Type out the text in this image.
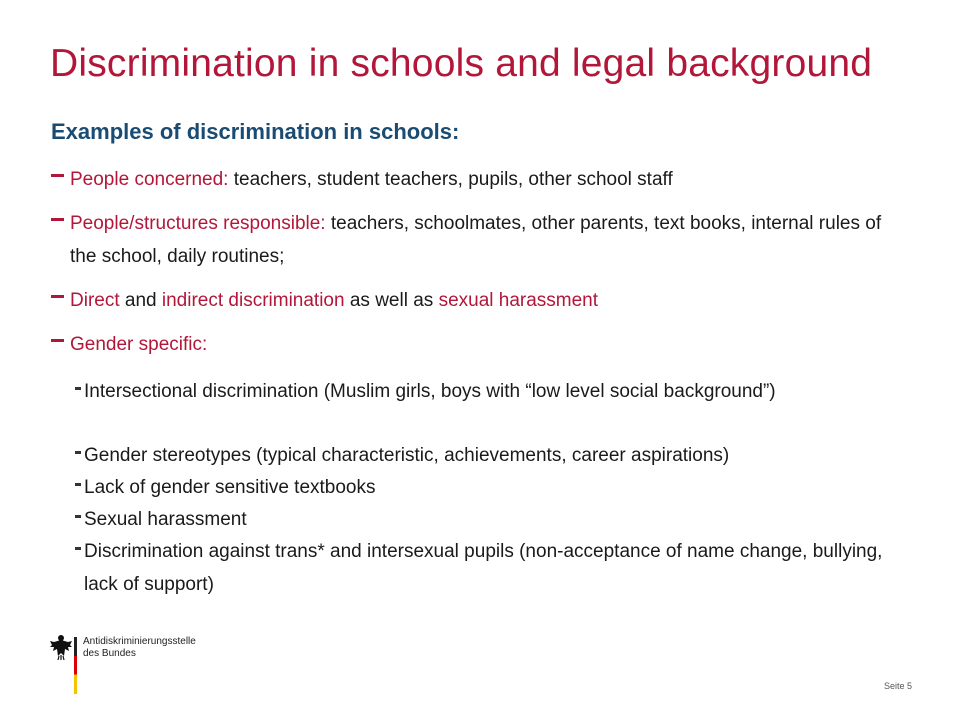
Discrimination in schools and legal background
Examples of discrimination in schools:
People concerned: teachers, student teachers, pupils, other school staff
People/structures responsible: teachers, schoolmates, other parents, text books, internal rules of the school, daily routines;
Direct and indirect discrimination as well as sexual harassment
Gender specific:
Intersectional discrimination (Muslim girls, boys with “low level social background”)
Gender stereotypes (typical characteristic, achievements, career aspirations)
Lack of gender sensitive textbooks
Sexual harassment
Discrimination against trans* and intersexual pupils (non-acceptance of name change, bullying, lack of support)
Antidiskriminierungsstelle
des Bundes
Seite 5
